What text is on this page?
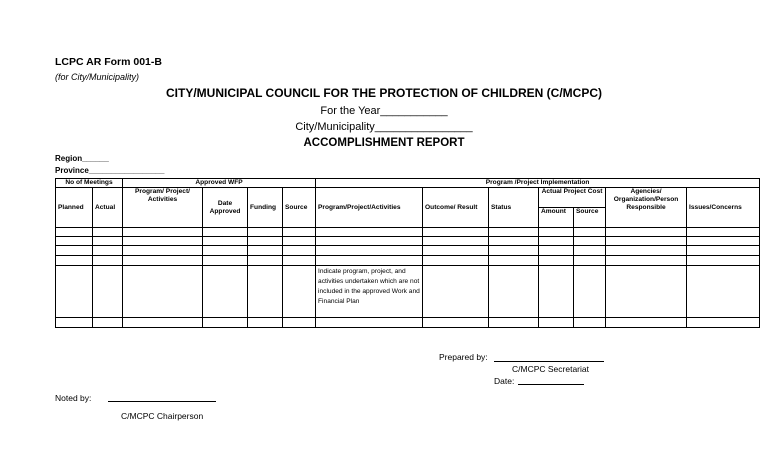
LCPC AR Form 001-B
(for City/Municipality)
CITY/MUNICIPAL COUNCIL FOR THE PROTECTION OF CHILDREN (C/MCPC)
For the Year___________
City/Municipality________________
ACCOMPLISHMENT REPORT
Region______
Province_________________
No of Meetings		Approved WFP				Program /Project Implementation						
Planned	Actual	Program/ Project/ Activities	Date Approved	Funding	Source	Program/Project/Activities	Outcome/ Result	Status	Actual Project Cost		Agencies/ Organization/Person Responsible	Issues/Concerns
									Amount	Source		

						Indicate program, project, and activities undertaken which are not included in the approved Work and Financial Plan						

Prepared by:
C/MCPC Secretariat
Date:
Noted by:
C/MCPC Chairperson
